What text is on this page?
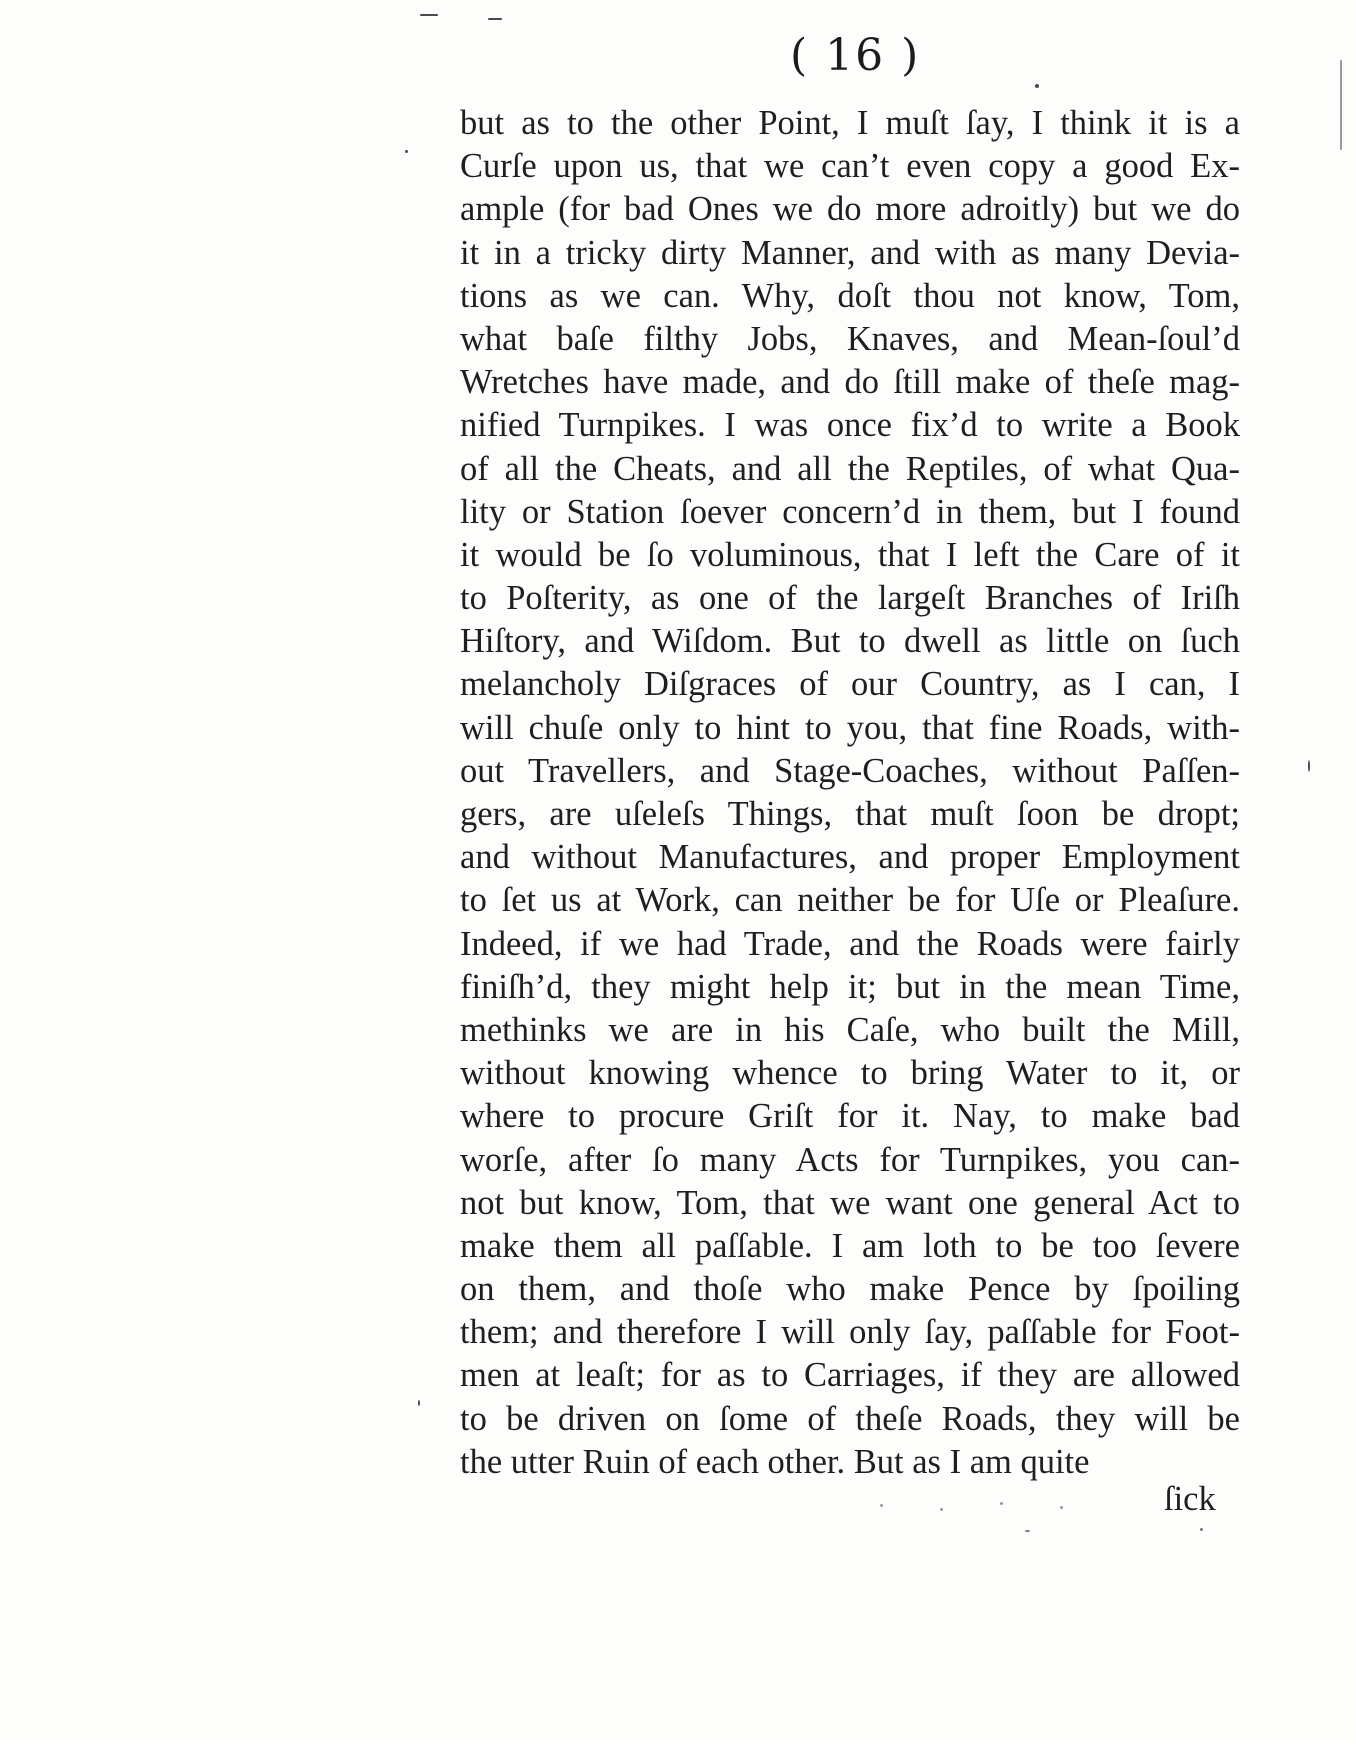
( 16 )
but as to the other Point, I muſt ſay, I think it is a
Curſe upon us, that we can’t even copy a good Ex-
ample (for bad Ones we do more adroitly) but we do
it in a tricky dirty Manner, and with as many Devia-
tions as we can. Why, doſt thou not know, Tom,
what baſe filthy Jobs, Knaves, and Mean-ſoul’d
Wretches have made, and do ſtill make of theſe mag-
nified Turnpikes. I was once fix’d to write a Book
of all the Cheats, and all the Reptiles, of what Qua-
lity or Station ſoever concern’d in them, but I found
it would be ſo voluminous, that I left the Care of it
to Poſterity, as one of the largeſt Branches of Iriſh
Hiſtory, and Wiſdom. But to dwell as little on ſuch
melancholy Diſgraces of our Country, as I can, I
will chuſe only to hint to you, that fine Roads, with-
out Travellers, and Stage-Coaches, without Paſſen-
gers, are uſeleſs Things, that muſt ſoon be dropt;
and without Manufactures, and proper Employment
to ſet us at Work, can neither be for Uſe or Pleaſure.
Indeed, if we had Trade, and the Roads were fairly
finiſh’d, they might help it; but in the mean Time,
methinks we are in his Caſe, who built the Mill,
without knowing whence to bring Water to it, or
where to procure Griſt for it. Nay, to make bad
worſe, after ſo many Acts for Turnpikes, you can-
not but know, Tom, that we want one general Act to
make them all paſſable. I am loth to be too ſevere
on them, and thoſe who make Pence by ſpoiling
them; and therefore I will only ſay, paſſable for Foot-
men at leaſt; for as to Carriages, if they are allowed
to be driven on ſome of theſe Roads, they will be
the utter Ruin of each other. But as I am quite
ſick
